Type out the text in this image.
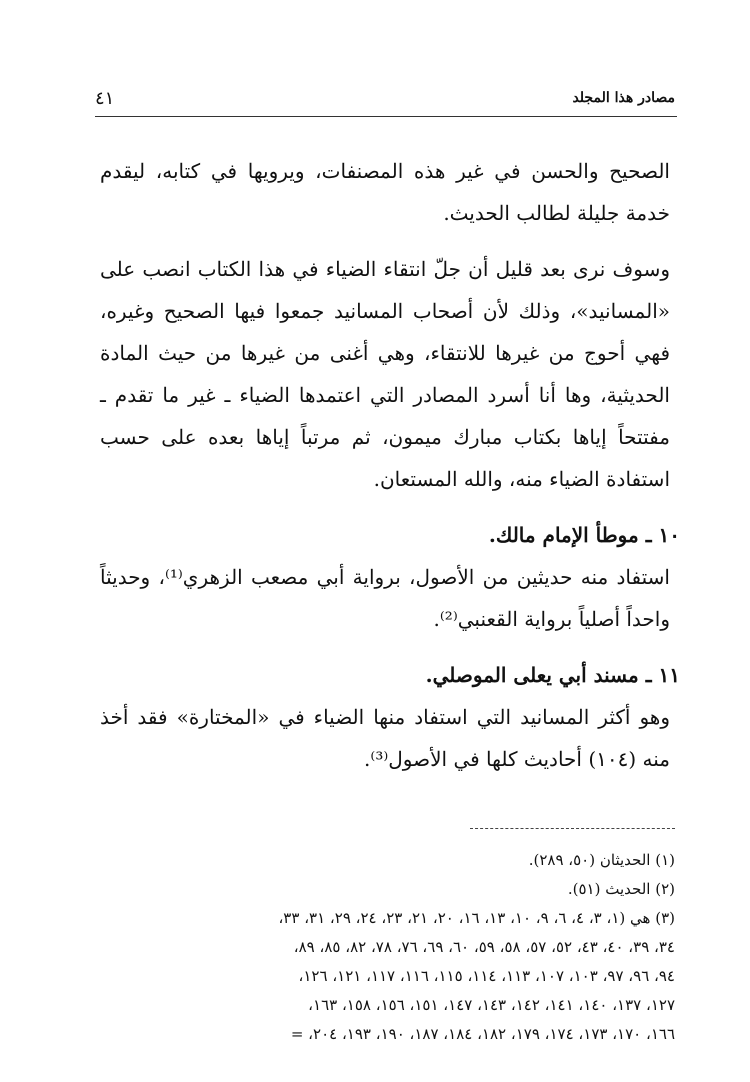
مصادر هذا المجلد
٤١

الصحيح والحسن في غير هذه المصنفات، ويرويها في كتابه، ليقدم خدمة جليلة لطالب الحديث.

وسوف نرى بعد قليل أن جلّ انتقاء الضياء في هذا الكتاب انصب على «المسانيد»، وذلك لأن أصحاب المسانيد جمعوا فيها الصحيح وغيره، فهي أحوج من غيرها للانتقاء، وهي أغنى من غيرها من حيث المادة الحديثية، وها أنا أسرد المصادر التي اعتمدها الضياء ـ غير ما تقدم ـ مفتتحاً إياها بكتاب مبارك ميمون، ثم مرتباً إياها بعده على حسب استفادة الضياء منه، والله المستعان.

١٠ ـ موطأ الإمام مالك.

استفاد منه حديثين من الأصول، برواية أبي مصعب الزهري⁽¹⁾، وحديثاً واحداً أصلياً برواية القعنبي⁽²⁾.

١١ ـ مسند أبي يعلى الموصلي.

وهو أكثر المسانيد التي استفاد منها الضياء في «المختارة» فقد أخذ منه (١٠٤) أحاديث كلها في الأصول⁽³⁾.

(١) الحديثان (٥٠، ٢٨٩).
(٢) الحديث (٥١).
(٣) هي (١، ٣، ٤، ٦، ٩، ١٠، ١٣، ١٦، ٢٠، ٢١، ٢٣، ٢٤، ٢٩، ٣١، ٣٣،
٣٤، ٣٩، ٤٠، ٤٣، ٥٢، ٥٧، ٥٨، ٥٩، ٦٠، ٦٩، ٧٦، ٧٨، ٨٢، ٨٥، ٨٩،
٩٤، ٩٦، ٩٧، ١٠٣، ١٠٧، ١١٣، ١١٤، ١١٥، ١١٦، ١١٧، ١٢١، ١٢٦،
١٢٧، ١٣٧، ١٤٠، ١٤١، ١٤٢، ١٤٣، ١٤٧، ١٥١، ١٥٦، ١٥٨، ١٦٣،
١٦٦، ١٧٠، ١٧٣، ١٧٤، ١٧٩، ١٨٢، ١٨٤، ١٨٧، ١٩٠، ١٩٣، ٢٠٤، =
